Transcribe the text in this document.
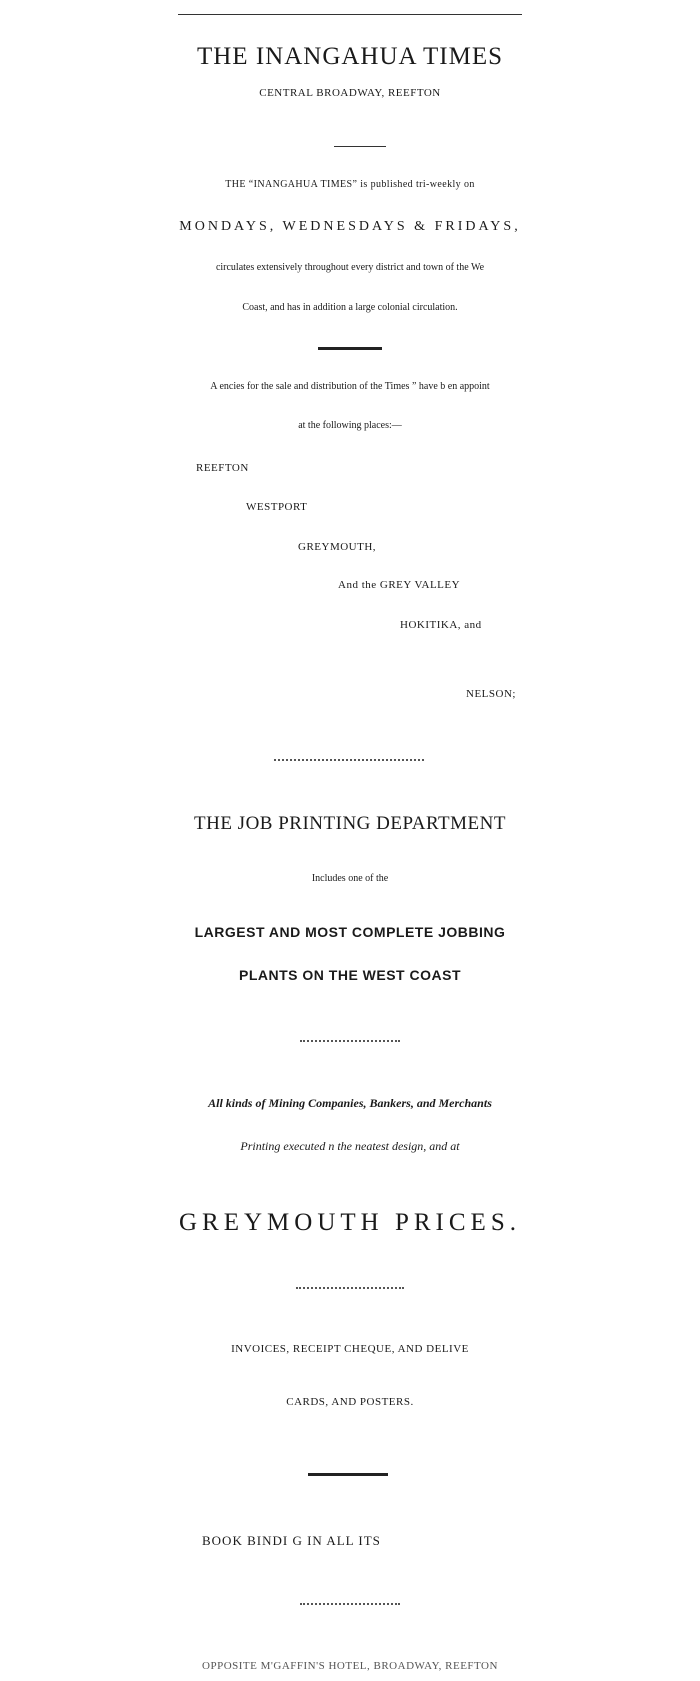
THE INANGAHUA TIMES
CENTRAL BROADWAY, REEFTON
THE “INANGAHUA TIMES” is published tri-weekly on
MONDAYS, WEDNESDAYS & FRIDAYS,
circulates extensively throughout every district and town of the We
Coast, and has in addition a large colonial circulation.
A encies for the sale and distribution of the Times ” have b en appoint
at the following places:—
REEFTON
WESTPORT
GREYMOUTH,
And the GREY VALLEY
HOKITIKA, and
NELSON;
THE JOB PRINTING DEPARTMENT
Includes one of the
LARGEST AND MOST COMPLETE JOBBING
PLANTS ON THE WEST COAST
All kinds of Mining Companies, Bankers, and Merchants
Printing executed n the neatest design, and at
GREYMOUTH PRICES.
INVOICES, RECEIPT CHEQUE, AND DELIVE
CARDS, AND POSTERS.
BOOK BINDI G IN ALL ITS
OPPOSITE M'GAFFIN'S HOTEL, BROADWAY, REEFTON
